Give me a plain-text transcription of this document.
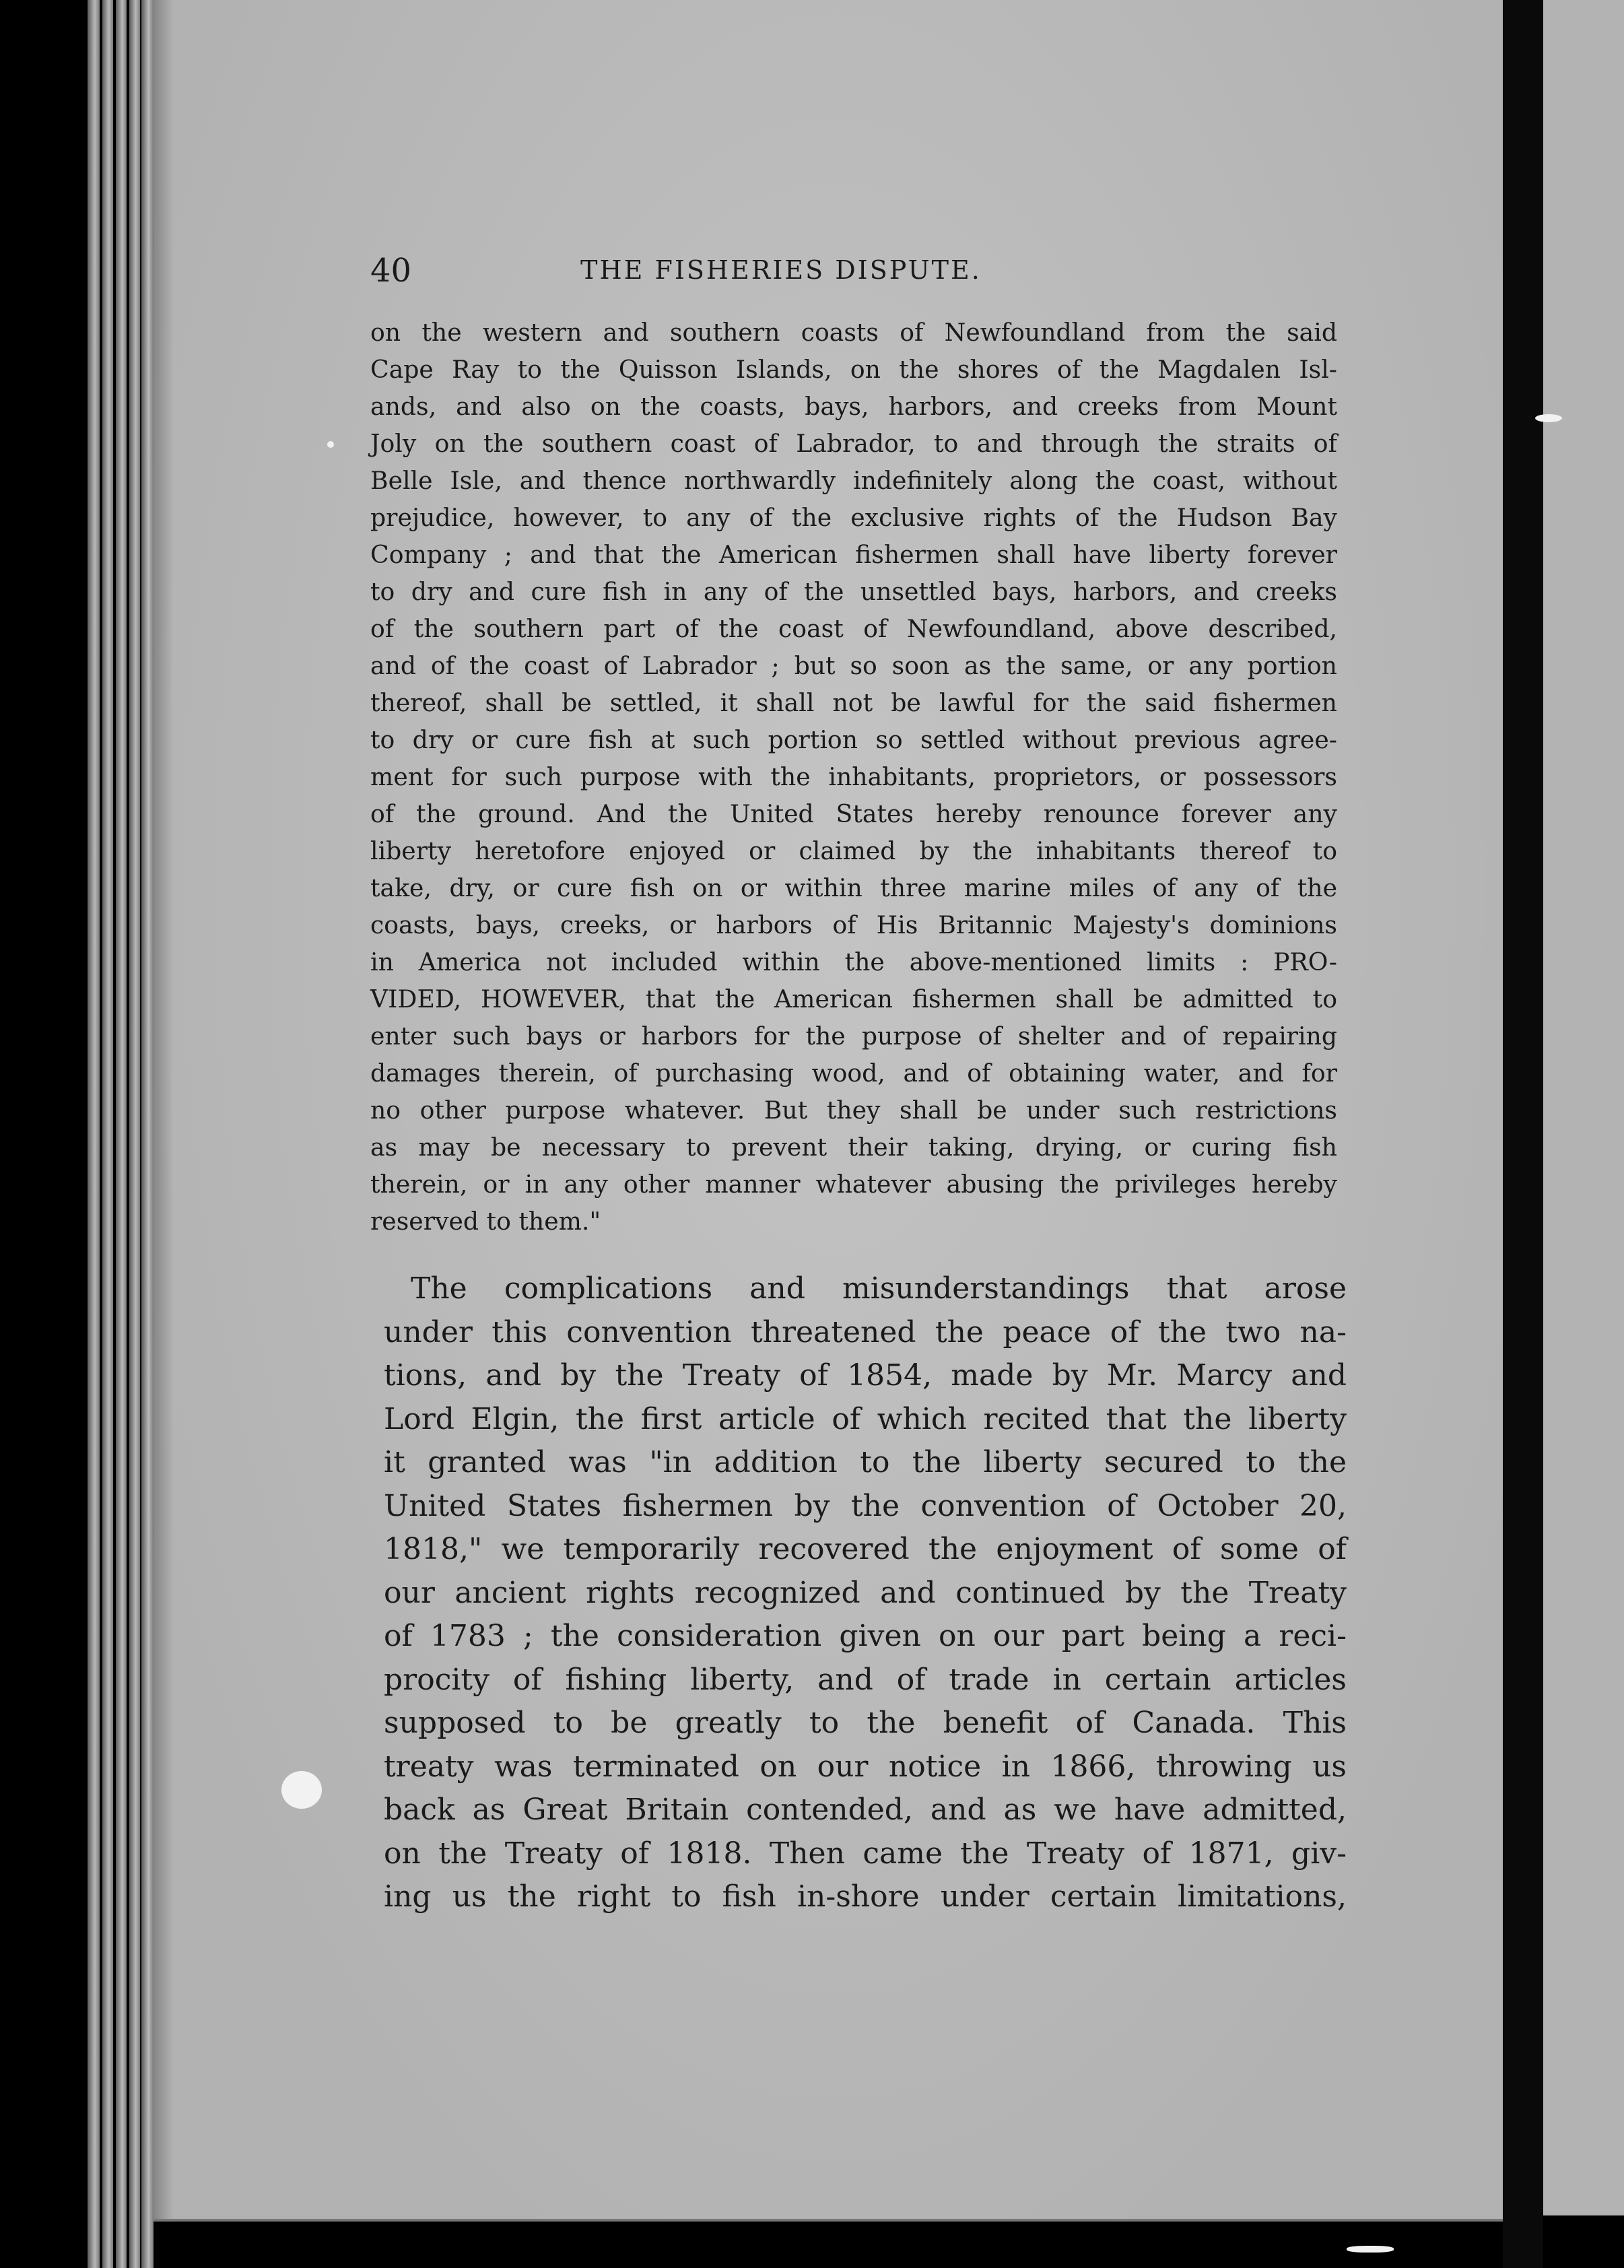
40	THE FISHERIES DISPUTE.
on the western and southern coasts of Newfoundland from the said
Cape Ray to the Quisson Islands, on the shores of the Magdalen Isl-
ands, and also on the coasts, bays, harbors, and creeks from Mount
Joly on the southern coast of Labrador, to and through the straits of
Belle Isle, and thence northwardly indefinitely along the coast, without
prejudice, however, to any of the exclusive rights of the Hudson Bay
Company ; and that the American fishermen shall have liberty forever
to dry and cure fish in any of the unsettled bays, harbors, and creeks
of the southern part of the coast of Newfoundland, above described,
and of the coast of Labrador ; but so soon as the same, or any portion
thereof, shall be settled, it shall not be lawful for the said fishermen
to dry or cure fish at such portion so settled without previous agree-
ment for such purpose with the inhabitants, proprietors, or possessors
of the ground. And the United States hereby renounce forever any
liberty heretofore enjoyed or claimed by the inhabitants thereof to
take, dry, or cure fish on or within three marine miles of any of the
coasts, bays, creeks, or harbors of His Britannic Majesty's dominions
in America not included within the above-mentioned limits : PRO-
VIDED, HOWEVER, that the American fishermen shall be admitted to
enter such bays or harbors for the purpose of shelter and of repairing
damages therein, of purchasing wood, and of obtaining water, and for
no other purpose whatever. But they shall be under such restrictions
as may be necessary to prevent their taking, drying, or curing fish
therein, or in any other manner whatever abusing the privileges hereby
reserved to them."
The complications and misunderstandings that arose
under this convention threatened the peace of the two na-
tions, and by the Treaty of 1854, made by Mr. Marcy and
Lord Elgin, the first article of which recited that the liberty
it granted was "in addition to the liberty secured to the
United States fishermen by the convention of October 20,
1818," we temporarily recovered the enjoyment of some of
our ancient rights recognized and continued by the Treaty
of 1783 ; the consideration given on our part being a reci-
procity of fishing liberty, and of trade in certain articles
supposed to be greatly to the benefit of Canada. This
treaty was terminated on our notice in 1866, throwing us
back as Great Britain contended, and as we have admitted,
on the Treaty of 1818. Then came the Treaty of 1871, giv-
ing us the right to fish in-shore under certain limitations,
